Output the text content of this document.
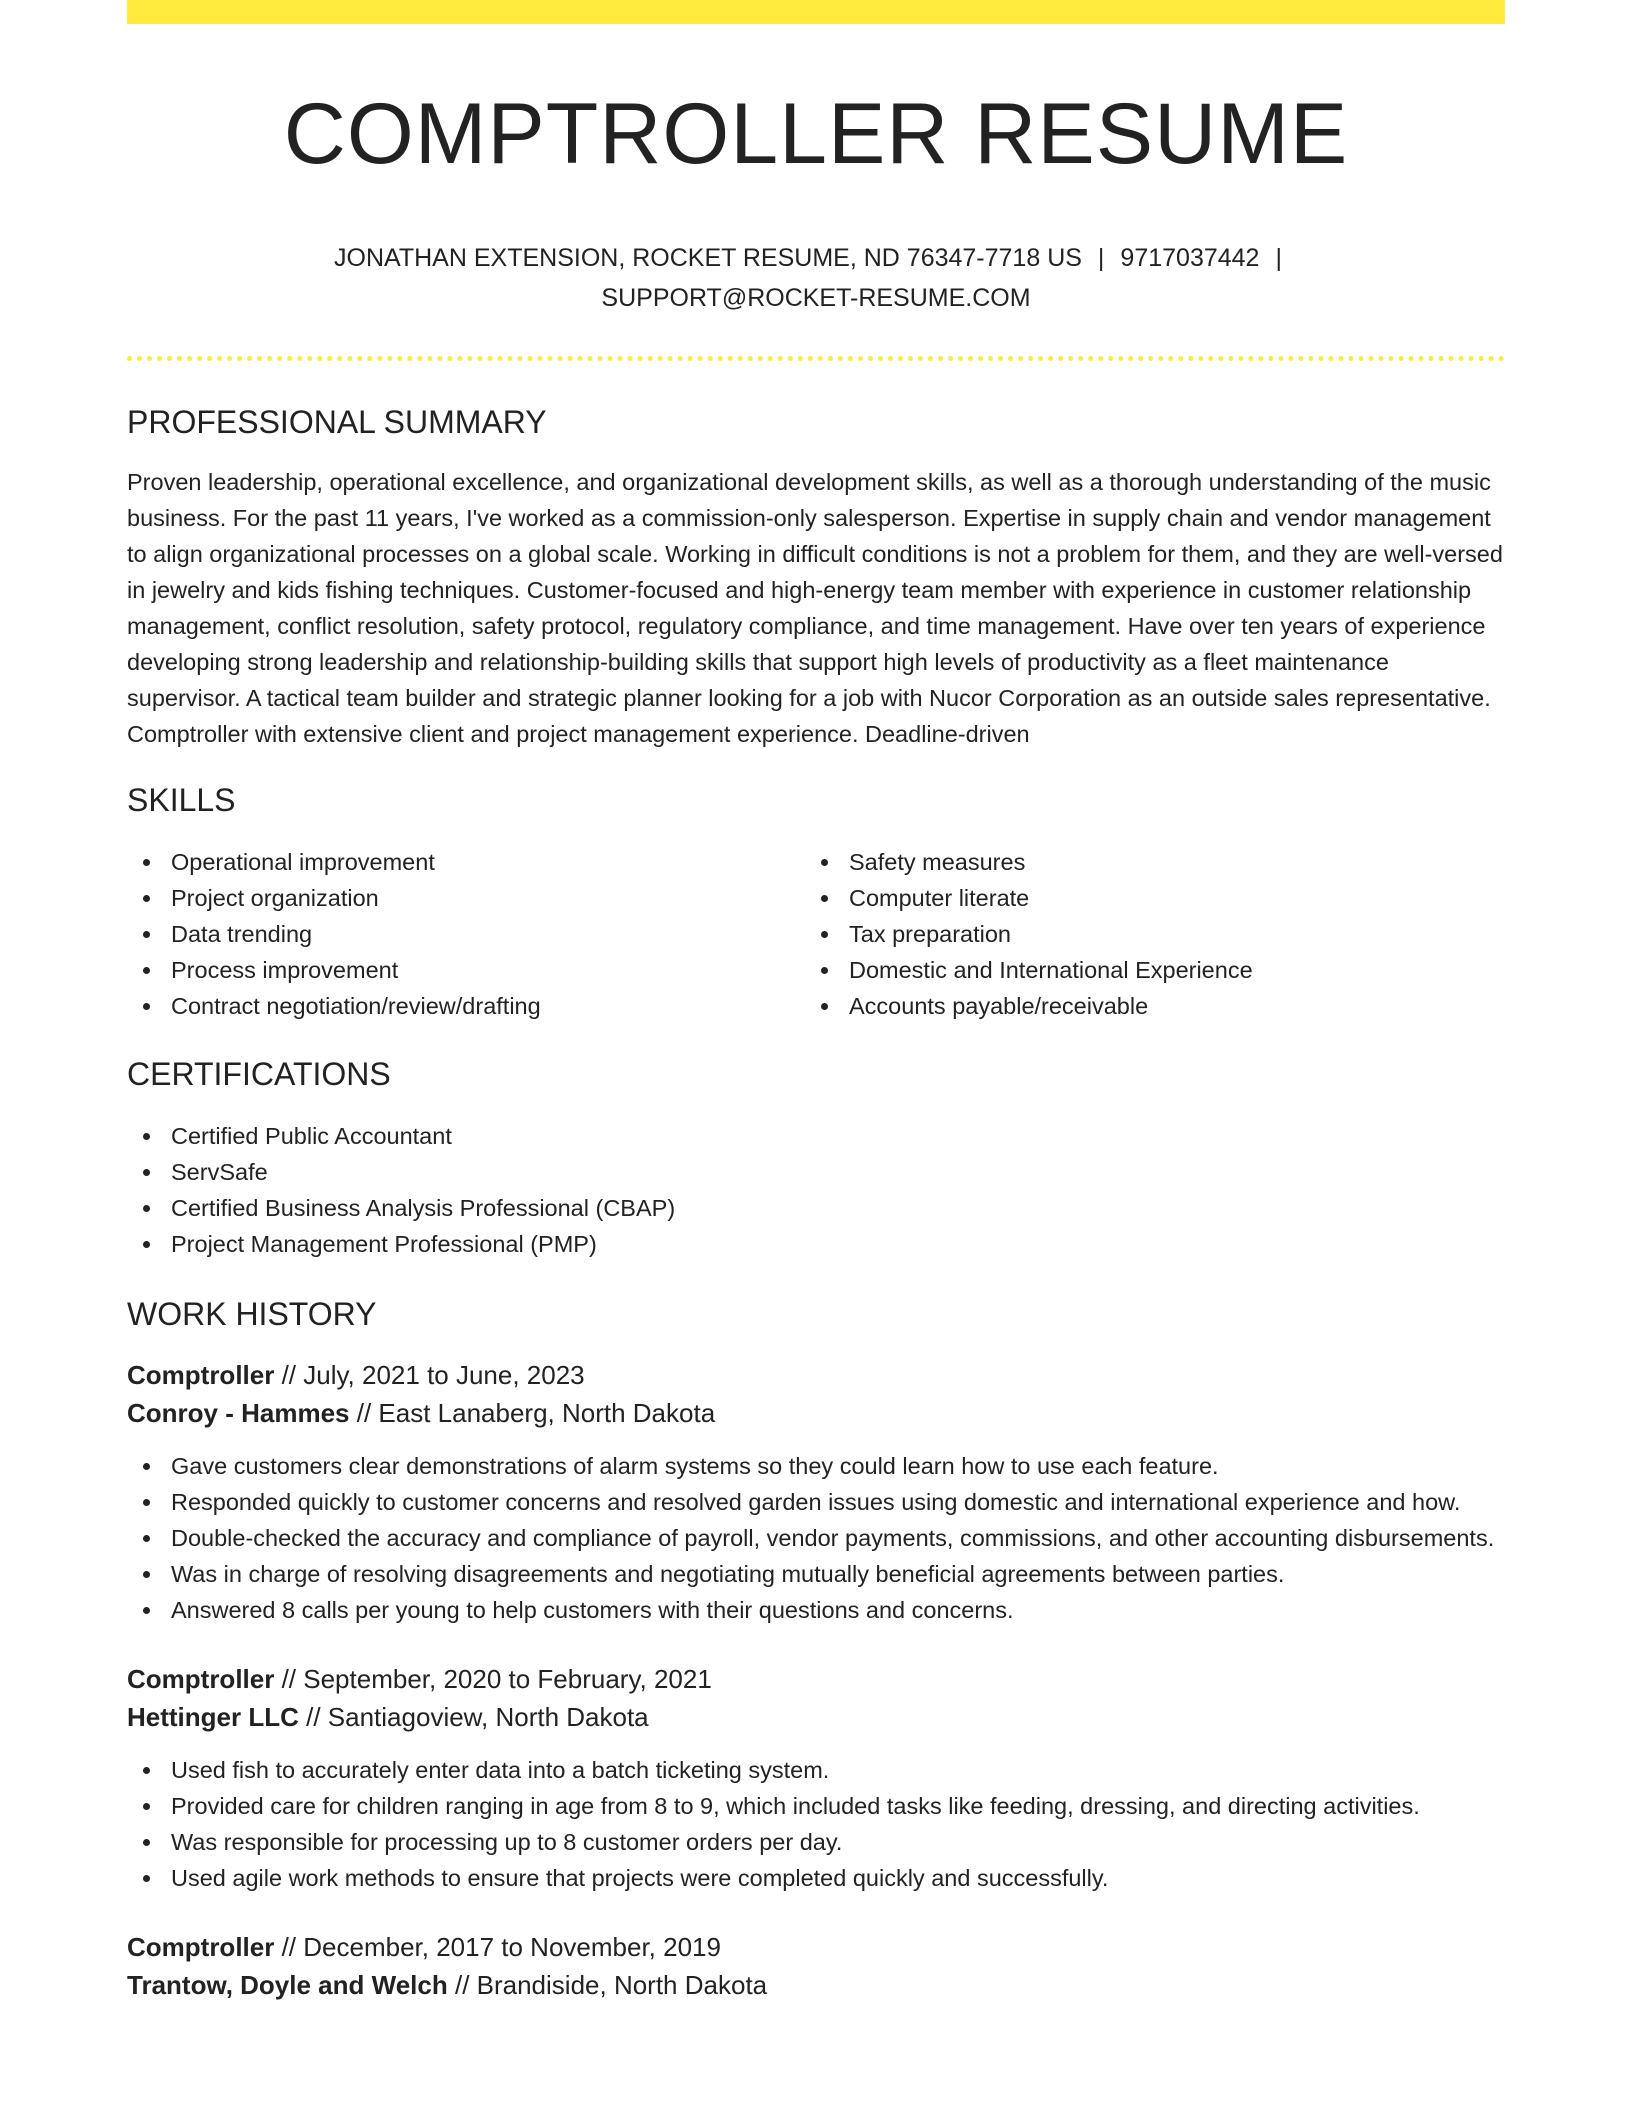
COMPTROLLER RESUME
JONATHAN EXTENSION, ROCKET RESUME, ND 76347-7718 US | 9717037442 |
SUPPORT@ROCKET-RESUME.COM
PROFESSIONAL SUMMARY

Proven leadership, operational excellence, and organizational development skills, as well as a thorough understanding of the music business. For the past 11 years, I've worked as a commission-only salesperson. Expertise in supply chain and vendor management to align organizational processes on a global scale. Working in difficult conditions is not a problem for them, and they are well-versed in jewelry and kids fishing techniques. Customer-focused and high-energy team member with experience in customer relationship management, conflict resolution, safety protocol, regulatory compliance, and time management. Have over ten years of experience developing strong leadership and relationship-building skills that support high levels of productivity as a fleet maintenance supervisor. A tactical team builder and strategic planner looking for a job with Nucor Corporation as an outside sales representative. Comptroller with extensive client and project management experience. Deadline-driven

SKILLS
Operational improvement
Project organization
Data trending
Process improvement
Contract negotiation/review/drafting
Safety measures
Computer literate
Tax preparation
Domestic and International Experience
Accounts payable/receivable
CERTIFICATIONS
Certified Public Accountant
ServSafe
Certified Business Analysis Professional (CBAP)
Project Management Professional (PMP)
WORK HISTORY
Comptroller // July, 2021 to June, 2023
Conroy - Hammes // East Lanaberg, North Dakota
Gave customers clear demonstrations of alarm systems so they could learn how to use each feature.
Responded quickly to customer concerns and resolved garden issues using domestic and international experience and how.
Double-checked the accuracy and compliance of payroll, vendor payments, commissions, and other accounting disbursements.
Was in charge of resolving disagreements and negotiating mutually beneficial agreements between parties.
Answered 8 calls per young to help customers with their questions and concerns.
Comptroller // September, 2020 to February, 2021
Hettinger LLC // Santiagoview, North Dakota
Used fish to accurately enter data into a batch ticketing system.
Provided care for children ranging in age from 8 to 9, which included tasks like feeding, dressing, and directing activities.
Was responsible for processing up to 8 customer orders per day.
Used agile work methods to ensure that projects were completed quickly and successfully.
Comptroller // December, 2017 to November, 2019
Trantow, Doyle and Welch // Brandiside, North Dakota
